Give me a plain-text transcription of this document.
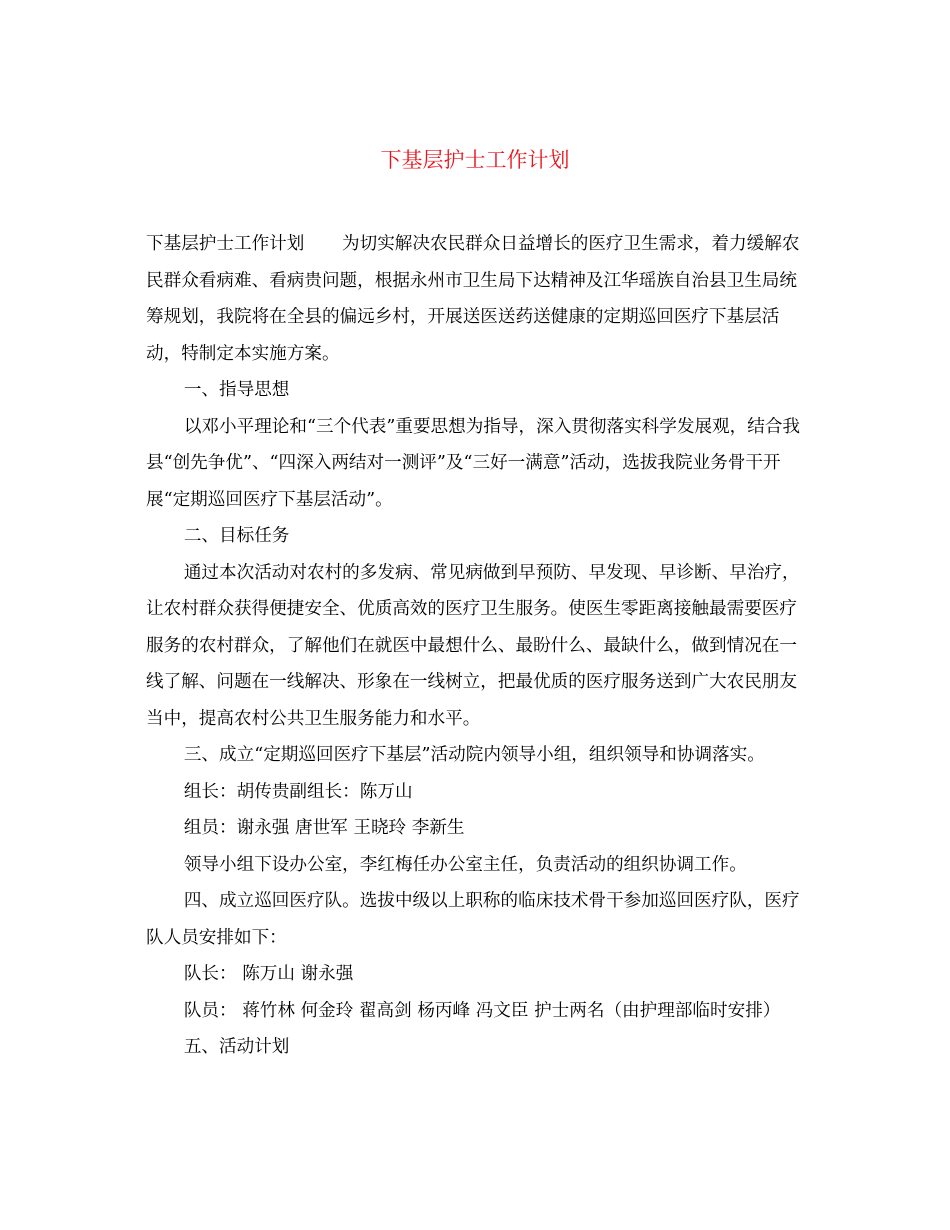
下基层护士工作计划

下基层护士工作计划 为切实解决农民群众日益增长的医疗卫生需求，着力缓解农民群众看病难、看病贵问题，根据永州市卫生局下达精神及江华瑶族自治县卫生局统筹规划，我院将在全县的偏远乡村，开展送医送药送健康的定期巡回医疗下基层活动，特制定本实施方案。

一、指导思想

以邓小平理论和“三个代表”重要思想为指导，深入贯彻落实科学发展观，结合我县“创先争优”、“四深入两结对一测评”及“三好一满意”活动，选拔我院业务骨干开展“定期巡回医疗下基层活动”。

二、目标任务

通过本次活动对农村的多发病、常见病做到早预防、早发现、早诊断、早治疗，让农村群众获得便捷安全、优质高效的医疗卫生服务。使医生零距离接触最需要医疗服务的农村群众，了解他们在就医中最想什么、最盼什么、最缺什么，做到情况在一线了解、问题在一线解决、形象在一线树立，把最优质的医疗服务送到广大农民朋友当中，提高农村公共卫生服务能力和水平。

三、成立“定期巡回医疗下基层”活动院内领导小组，组织领导和协调落实。

组长：胡传贵副组长：陈万山

组员：谢永强 唐世军 王晓玲 李新生

领导小组下设办公室，李红梅任办公室主任，负责活动的组织协调工作。

四、成立巡回医疗队。选拔中级以上职称的临床技术骨干参加巡回医疗队，医疗队人员安排如下：

队长： 陈万山 谢永强

队员： 蒋竹林 何金玲 翟高剑 杨丙峰 冯文臣 护士两名（由护理部临时安排）

五、活动计划
